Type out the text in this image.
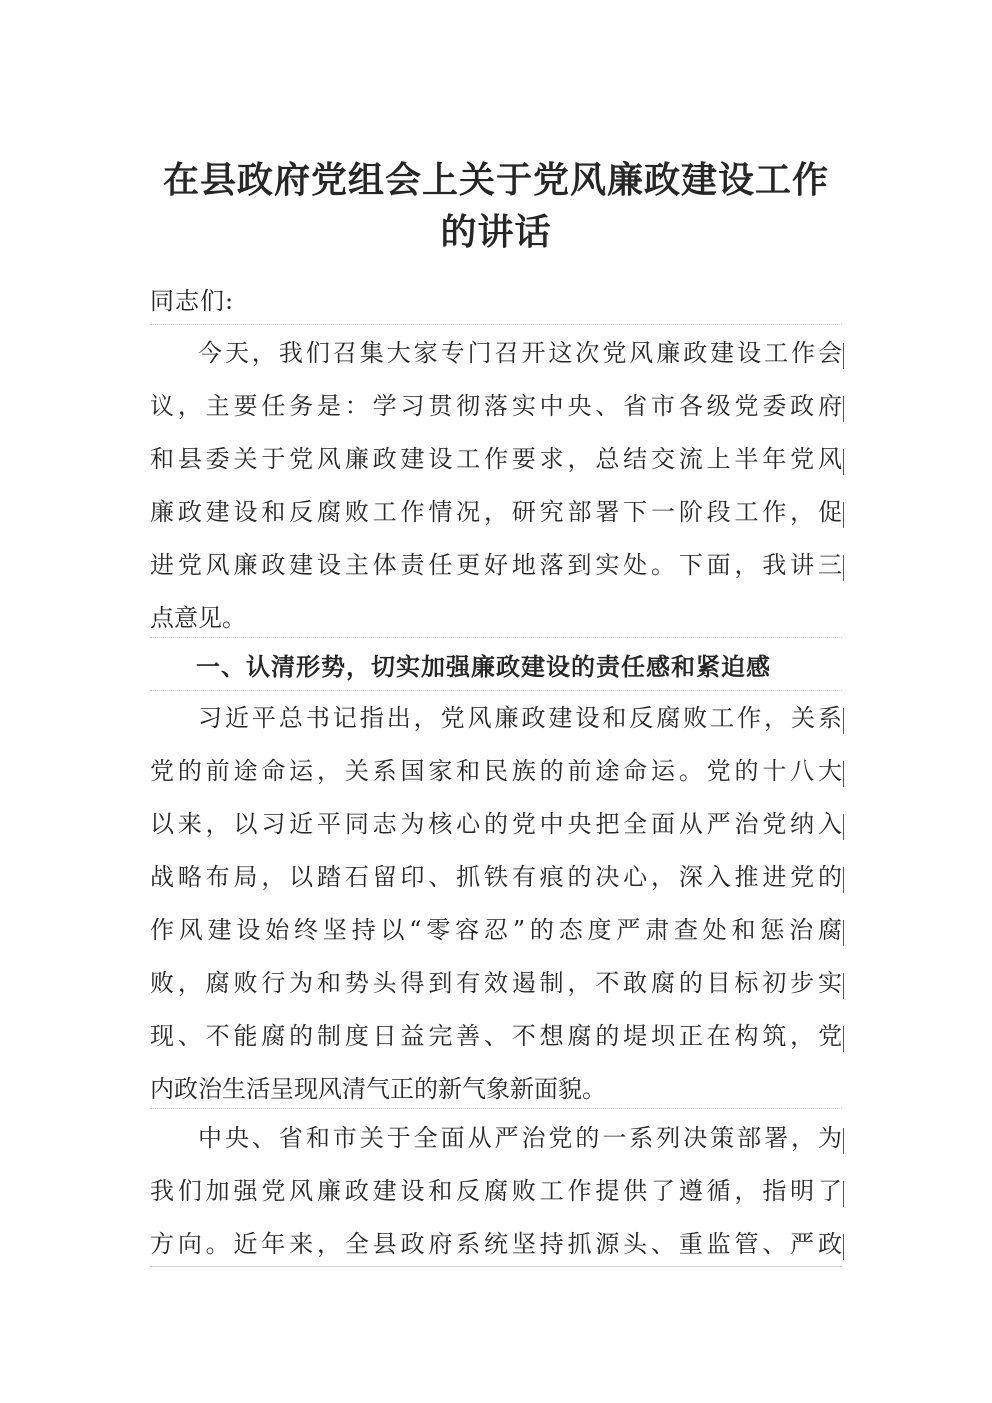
在县政府党组会上关于党风廉政建设工作
的讲话
同志们:
今天，我们召集大家专门召开这次党风廉政建设工作会
议，主要任务是：学习贯彻落实中央、省市各级党委政府
和县委关于党风廉政建设工作要求，总结交流上半年党风
廉政建设和反腐败工作情况，研究部署下一阶段工作，促
进党风廉政建设主体责任更好地落到实处。下面，我讲三
点意见。
一、认清形势，切实加强廉政建设的责任感和紧迫感
习近平总书记指出，党风廉政建设和反腐败工作，关系
党的前途命运，关系国家和民族的前途命运。党的十八大
以来，以习近平同志为核心的党中央把全面从严治党纳入
战略布局，以踏石留印、抓铁有痕的决心，深入推进党的
作风建设始终坚持以“零容忍”的态度严肃查处和惩治腐
败，腐败行为和势头得到有效遏制，不敢腐的目标初步实
现、不能腐的制度日益完善、不想腐的堤坝正在构筑，党
内政治生活呈现风清气正的新气象新面貌。
中央、省和市关于全面从严治党的一系列决策部署，为
我们加强党风廉政建设和反腐败工作提供了遵循，指明了
方向。近年来，全县政府系统坚持抓源头、重监管、严政
